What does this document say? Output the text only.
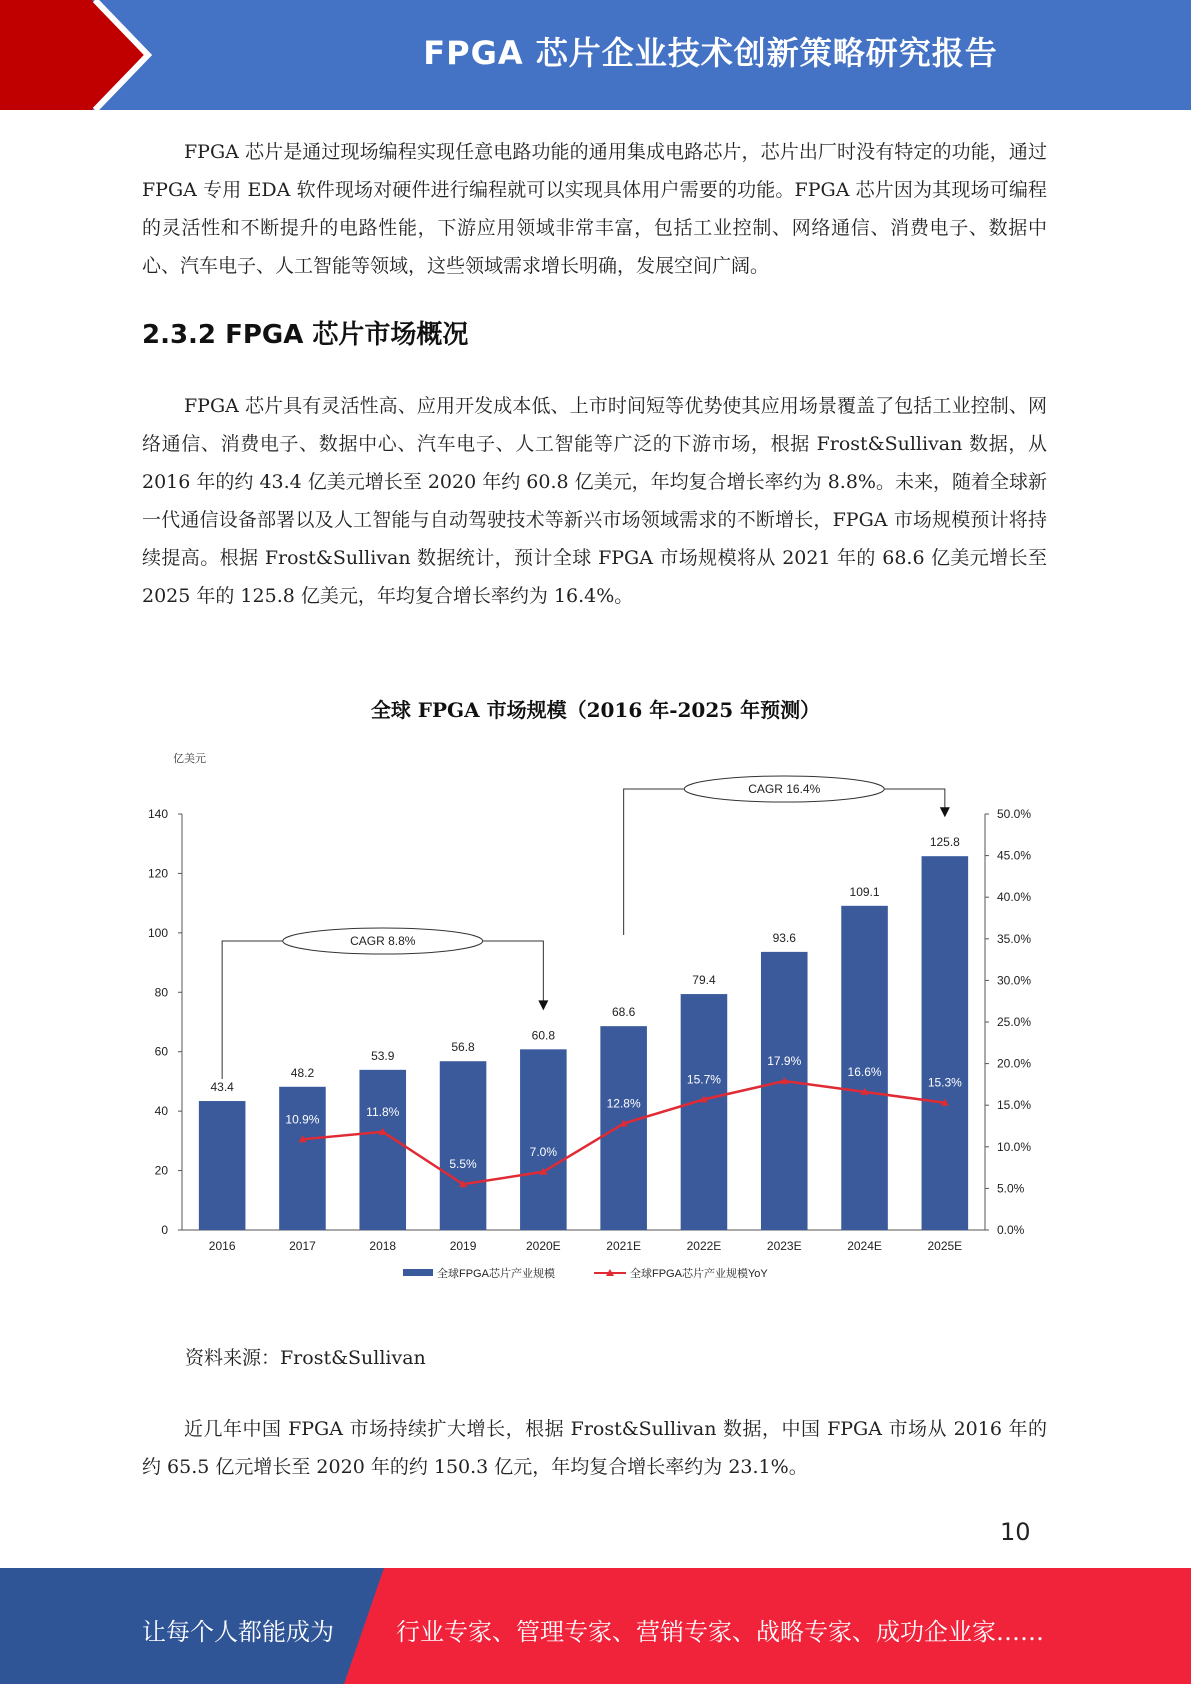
FPGA 芯片企业技术创新策略研究报告
FPGA 芯片是通过现场编程实现任意电路功能的通用集成电路芯片，芯片出厂时没有特定的功能，通过 FPGA 专用 EDA 软件现场对硬件进行编程就可以实现具体用户需要的功能。FPGA 芯片因为其现场可编程的灵活性和不断提升的电路性能，下游应用领域非常丰富，包括工业控制、网络通信、消费电子、数据中心、汽车电子、人工智能等领域，这些领域需求增长明确，发展空间广阔。
2.3.2 FPGA 芯片市场概况
FPGA 芯片具有灵活性高、应用开发成本低、上市时间短等优势使其应用场景覆盖了包括工业控制、网络通信、消费电子、数据中心、汽车电子、人工智能等广泛的下游市场，根据 Frost&Sullivan 数据，从 2016 年的约 43.4 亿美元增长至 2020 年约 60.8 亿美元，年均复合增长率约为 8.8%。未来，随着全球新一代通信设备部署以及人工智能与自动驾驶技术等新兴市场领域需求的不断增长，FPGA 市场规模预计将持续提高。根据 Frost&Sullivan 数据统计，预计全球 FPGA 市场规模将从 2021 年的 68.6 亿美元增长至 2025 年的 125.8 亿美元，年均复合增长率约为 16.4%。
全球 FPGA 市场规模（2016 年-2025 年预测）
亿美元
0
20
40
60
80
100
120
140
0.0%
5.0%
10.0%
15.0%
20.0%
25.0%
30.0%
35.0%
40.0%
45.0%
50.0%
43.4
2016
48.2
2017
53.9
2018
56.8
2019
60.8
2020E
68.6
2021E
79.4
2022E
93.6
2023E
109.1
2024E
125.8
2025E
10.9%
11.8%
5.5%
7.0%
12.8%
15.7%
17.9%
16.6%
15.3%
CAGR 8.8%
CAGR 16.4%
全球FPGA芯片产业规模	全球FPGA芯片产业规模YoY
资料来源：Frost&Sullivan
近几年中国 FPGA 市场持续扩大增长，根据 Frost&Sullivan 数据，中国 FPGA 市场从 2016 年的约 65.5 亿元增长至 2020 年的约 150.3 亿元，年均复合增长率约为 23.1%。
10
让每个人都能成为	行业专家、管理专家、营销专家、战略专家、成功企业家……
